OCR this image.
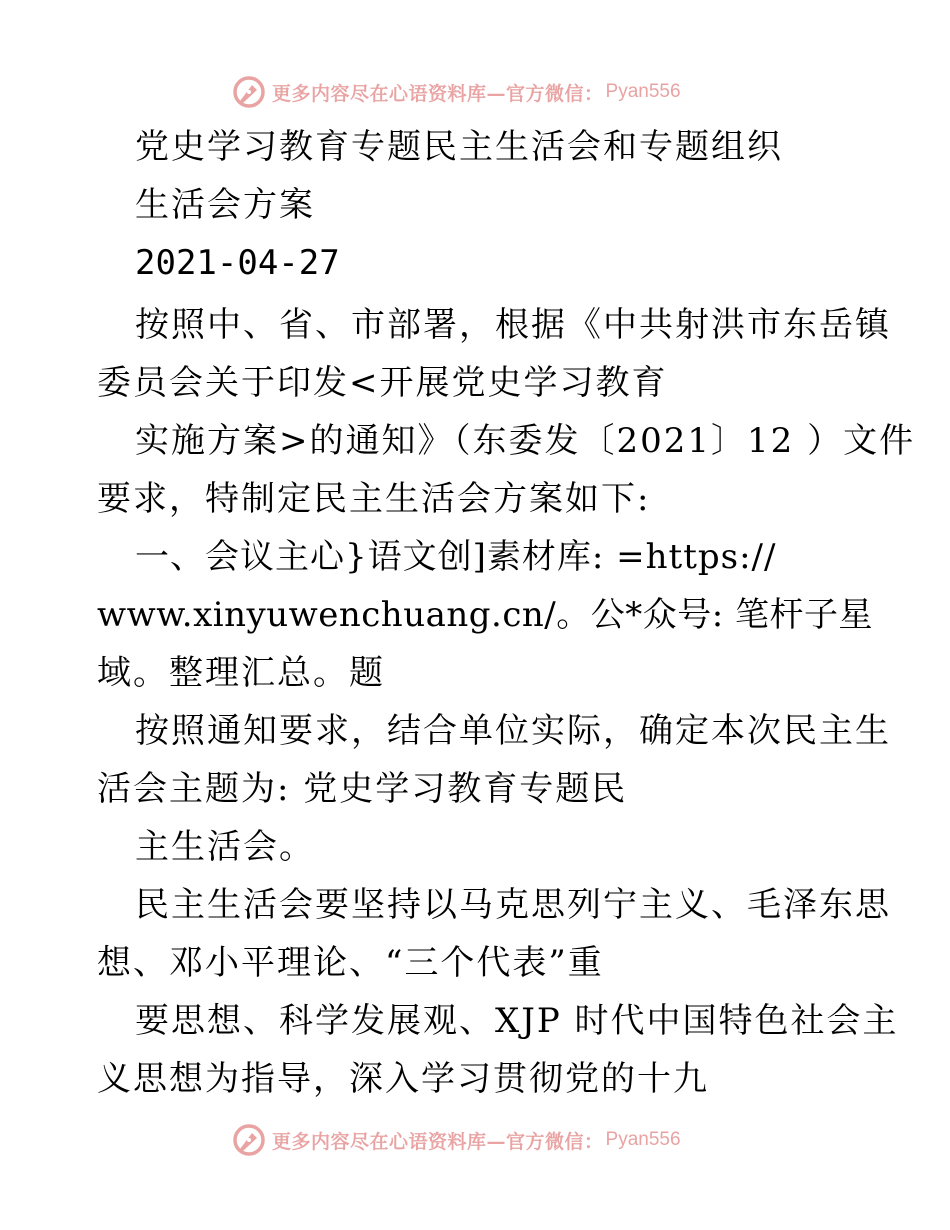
更多内容尽在心语资料库—官方微信： Pyan556
党史学习教育专题民主生活会和专题组织
生活会方案
2021-04-27
按照中、省、市部署，根据《中共射洪市东岳镇
委员会关于印发<开展党史学习教育
实施方案>的通知》（东委发〔2021〕12 ）文件
要求，特制定民主生活会方案如下:
一、会议主心}语文创]素材库: =https://
www.xinyuwenchuang.cn/。公*众号: 笔杆子星
域。整理汇总。题
按照通知要求，结合单位实际，确定本次民主生
活会主题为: 党史学习教育专题民
主生活会。
民主生活会要坚持以马克思列宁主义、毛泽东思
想、邓小平理论、“三个代表”重
要思想、科学发展观、XJP 时代中国特色社会主
义思想为指导，深入学习贯彻党的十九
更多内容尽在心语资料库—官方微信： Pyan556
